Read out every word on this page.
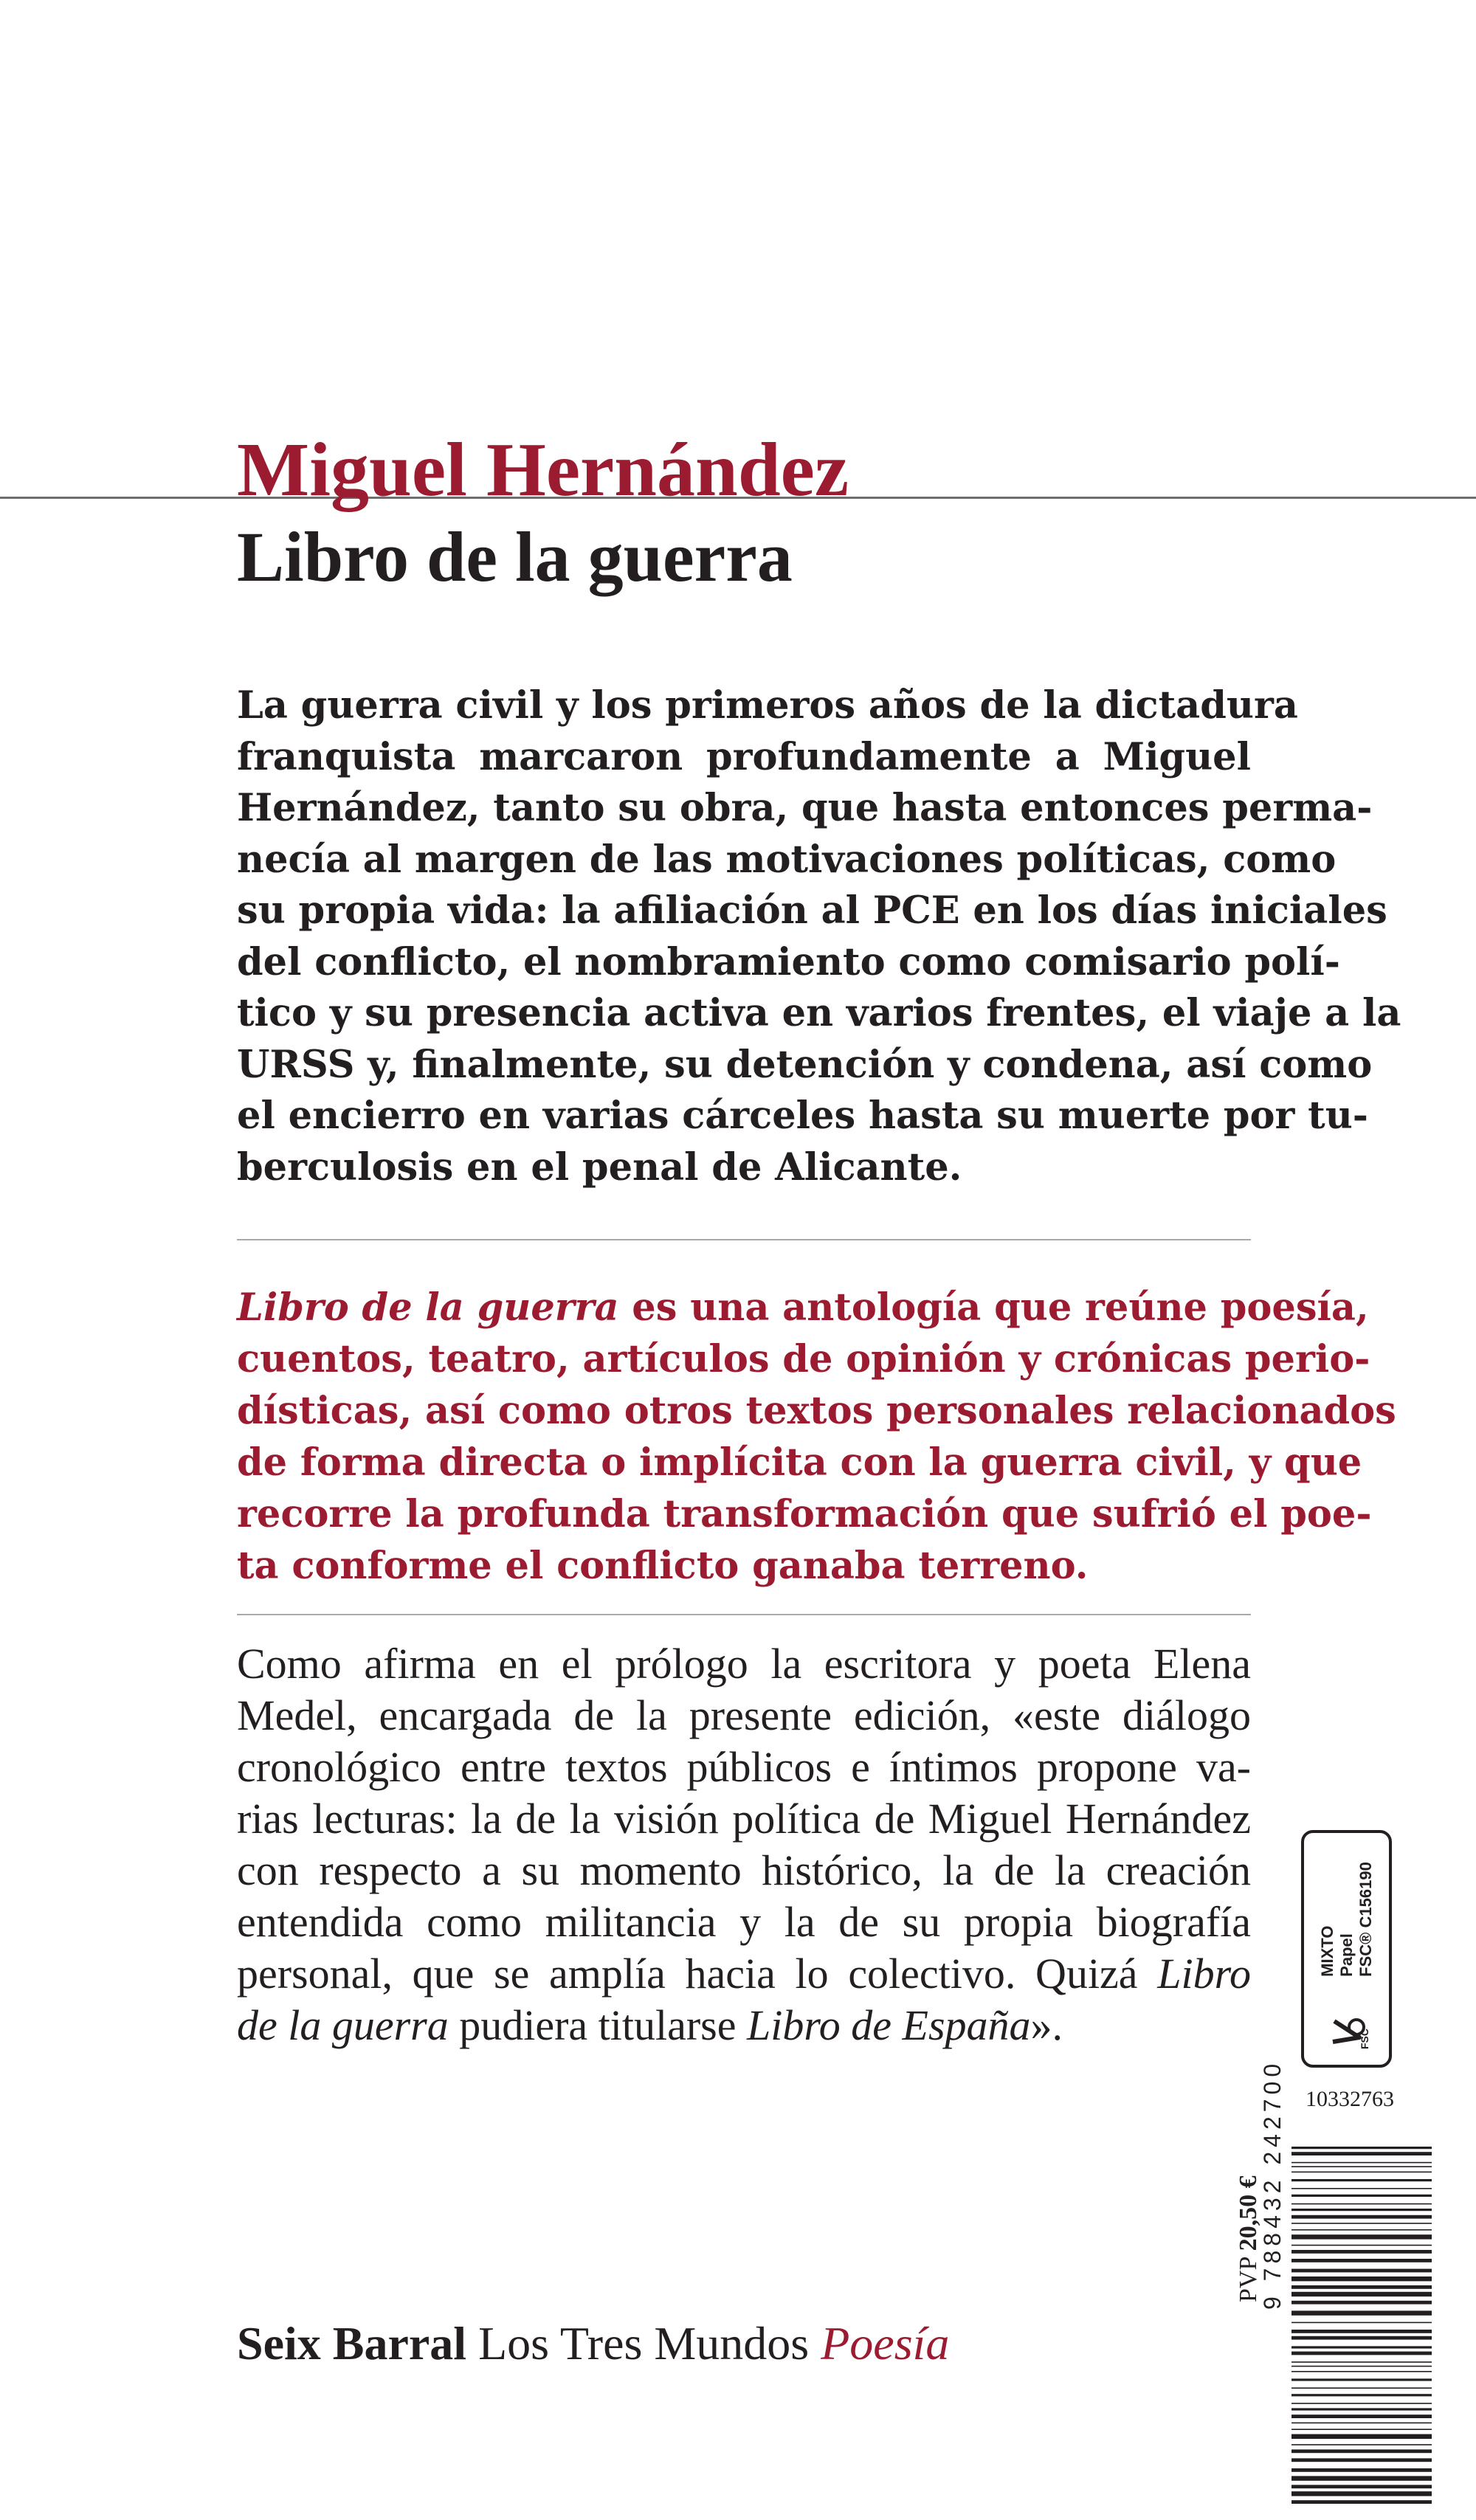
Miguel Hernández
Libro de la guerra
La guerra civil y los primeros años de la dictadura
franquista marcaron profundamente a Miguel
Hernández, tanto su obra, que hasta entonces perma-
necía al margen de las motivaciones políticas, como
su propia vida: la afiliación al PCE en los días iniciales
del conflicto, el nombramiento como comisario polí-
tico y su presencia activa en varios frentes, el viaje a la
URSS y, finalmente, su detención y condena, así como
el encierro en varias cárceles hasta su muerte por tu-
berculosis en el penal de Alicante.
Libro de la guerra es una antología que reúne poesía,
cuentos, teatro, artículos de opinión y crónicas perio-
dísticas, así como otros textos personales relacionados
de forma directa o implícita con la guerra civil, y que
recorre la profunda transformación que sufrió el poe-
ta conforme el conflicto ganaba terreno.
Como afirma en el prólogo la escritora y poeta Elena
Medel, encargada de la presente edición, «este diálogo
cronológico entre textos públicos e íntimos propone va-
rias lecturas: la de la visión política de Miguel Hernández
con respecto a su momento histórico, la de la creación
entendida como militancia y la de su propia biografía
personal, que se amplía hacia lo colectivo. Quizá Libro
de la guerra pudiera titularse Libro de España».
MIXTO Papel FSC® C156190
FSC
10332763
PVP 20,50 €
9 788432 242700
Seix Barral Los Tres Mundos Poesía
